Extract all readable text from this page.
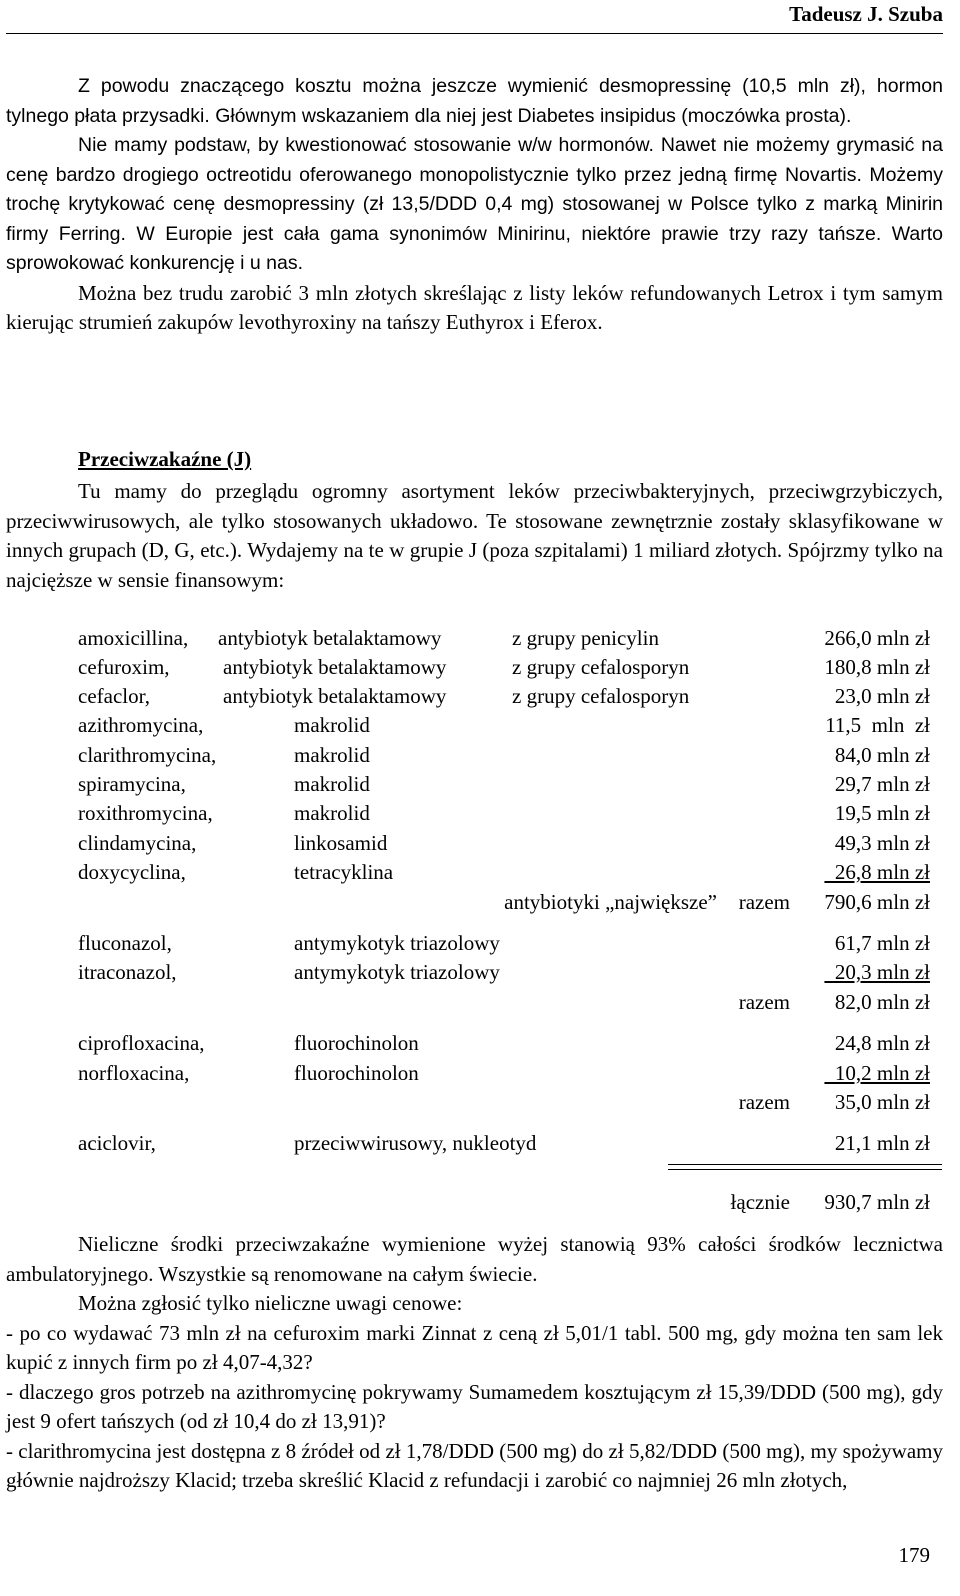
Tadeusz J. Szuba

Z powodu znaczącego kosztu można jeszcze wymienić desmopressinę (10,5 mln zł), hormon tylnego płata przysadki. Głównym wskazaniem dla niej jest Diabetes insipidus (moczówka prosta).

Nie mamy podstaw, by kwestionować stosowanie w/w hormonów. Nawet nie możemy grymasić na cenę bardzo drogiego octreotidu oferowanego monopolistycznie tylko przez jedną firmę Novartis. Możemy trochę krytykować cenę desmopressiny (zł 13,5/DDD 0,4 mg) stosowanej w Polsce tylko z marką Minirin firmy Ferring. W Europie jest cała gama synonimów Minirinu, niektóre prawie trzy razy tańsze. Warto sprowokować konkurencję i u nas.

Można bez trudu zarobić 3 mln złotych skreślając z listy leków refundowanych Letrox i tym samym kierując strumień zakupów levothyroxiny na tańszy Euthyrox i Eferox.

Przeciwzakaźne (J)

Tu mamy do przeglądu ogromny asortyment leków przeciwbakteryjnych, przeciwgrzybiczych, przeciwwirusowych, ale tylko stosowanych układowo. Te stosowane zewnętrznie zostały sklasyfikowane w innych grupach (D, G, etc.). Wydajemy na te w grupie J (poza szpitalami) 1 miliard złotych. Spójrzmy tylko na najcięższe w sensie finansowym:

amoxicillina, antybiotyk betalaktamowy	z grupy penicylin	266,0 mln zł
cefuroxim,	antybiotyk betalaktamowy	z grupy cefalosporyn	180,8 mln zł
cefaclor,	antybiotyk betalaktamowy	z grupy cefalosporyn	23,0 mln zł
azithromycina,	makrolid	11,5  mln  zł
clarithromycina,	makrolid	84,0 mln zł
spiramycina,	makrolid	29,7 mln zł
roxithromycina,	makrolid	19,5 mln zł
clindamycina,	linkosamid	49,3 mln zł
doxycyclina,	tetracyklina	26,8 mln zł
antybiotyki „największe” razem 790,6 mln zł
fluconazol,	antymykotyk triazolowy	61,7 mln zł
itraconazol,	antymykotyk triazolowy	20,3 mln zł
razem 82,0 mln zł
ciprofloxacina,	fluorochinolon	24,8 mln zł
norfloxacina,	fluorochinolon	10,2 mln zł
razem 35,0 mln zł
aciclovir,	przeciwwirusowy, nukleotyd	21,1 mln zł
łącznie 930,7 mln zł

Nieliczne środki przeciwzakaźne wymienione wyżej stanowią 93% całości środków lecznictwa ambulatoryjnego. Wszystkie są renomowane na całym świecie.

Można zgłosić tylko nieliczne uwagi cenowe:

- po co wydawać 73 mln zł na cefuroxim marki Zinnat z ceną zł 5,01/1 tabl. 500 mg, gdy można ten sam lek kupić z innych firm po zł 4,07-4,32?

- dlaczego gros potrzeb na azithromycinę pokrywamy Sumamedem kosztującym zł 15,39/DDD (500 mg), gdy jest 9 ofert tańszych (od zł 10,4 do zł 13,91)?

- clarithromycina jest dostępna z 8 źródeł od zł 1,78/DDD (500 mg) do zł 5,82/DDD (500 mg), my spożywamy głównie najdroższy Klacid; trzeba skreślić Klacid z refundacji i zarobić co najmniej 26 mln złotych,

179
